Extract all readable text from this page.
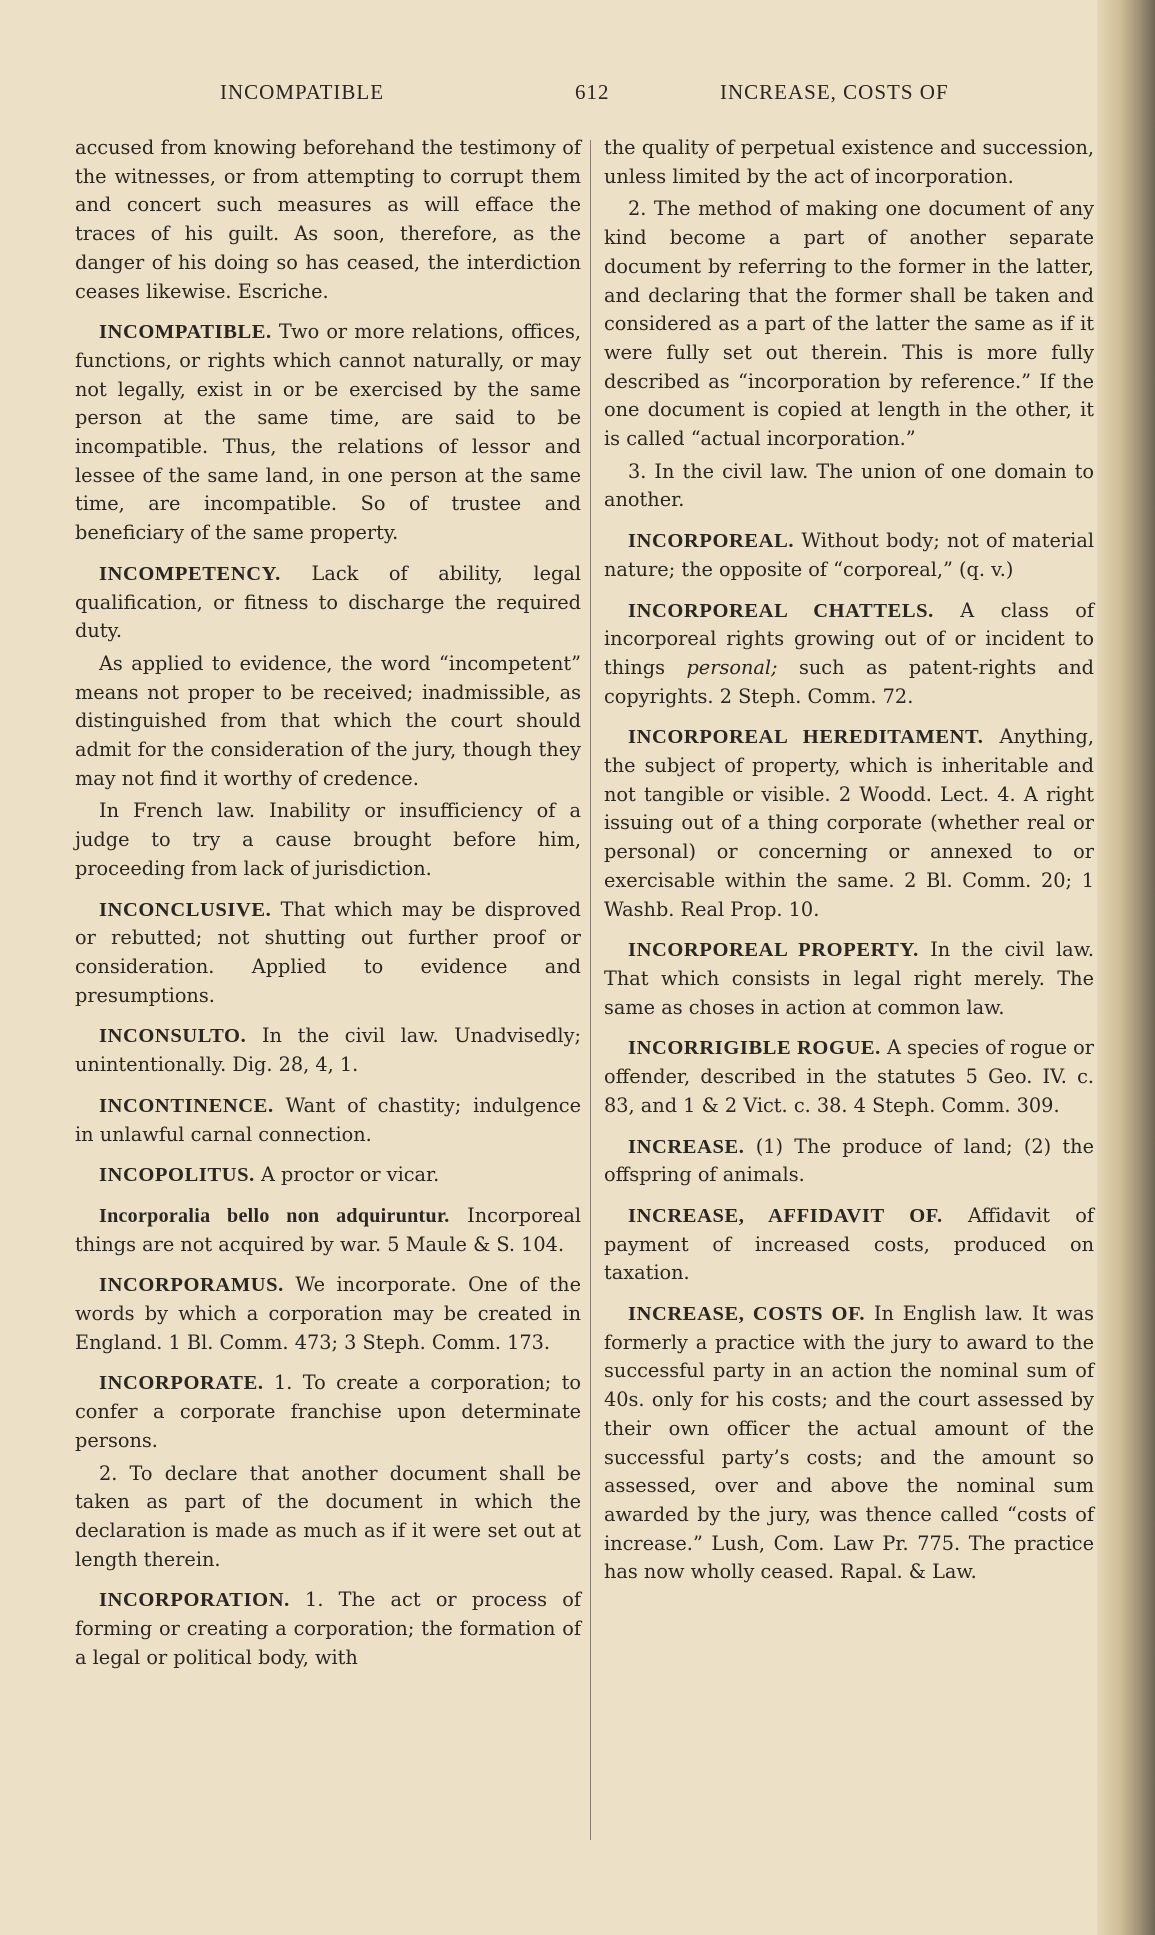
INCOMPATIBLE	612	INCREASE, COSTS OF

accused from knowing beforehand the testimony of the witnesses, or from attempting to corrupt them and concert such measures as will efface the traces of his guilt. As soon, therefore, as the danger of his doing so has ceased, the interdiction ceases likewise. Escriche.

INCOMPATIBLE. Two or more relations, offices, functions, or rights which cannot naturally, or may not legally, exist in or be exercised by the same person at the same time, are said to be incompatible. Thus, the relations of lessor and lessee of the same land, in one person at the same time, are incompatible. So of trustee and beneficiary of the same property.

INCOMPETENCY. Lack of ability, legal qualification, or fitness to discharge the required duty.

As applied to evidence, the word “incompetent” means not proper to be received; inadmissible, as distinguished from that which the court should admit for the consideration of the jury, though they may not find it worthy of credence.

In French law. Inability or insufficiency of a judge to try a cause brought before him, proceeding from lack of jurisdiction.

INCONCLUSIVE. That which may be disproved or rebutted; not shutting out further proof or consideration. Applied to evidence and presumptions.

INCONSULTO. In the civil law. Unadvisedly; unintentionally. Dig. 28, 4, 1.

INCONTINENCE. Want of chastity; indulgence in unlawful carnal connection.

INCOPOLITUS. A proctor or vicar.

Incorporalia bello non adquiruntur. Incorporeal things are not acquired by war. 5 Maule & S. 104.

INCORPORAMUS. We incorporate. One of the words by which a corporation may be created in England. 1 Bl. Comm. 473; 3 Steph. Comm. 173.

INCORPORATE. 1. To create a corporation; to confer a corporate franchise upon determinate persons.

2. To declare that another document shall be taken as part of the document in which the declaration is made as much as if it were set out at length therein.

INCORPORATION. 1. The act or process of forming or creating a corporation; the formation of a legal or political body, with

the quality of perpetual existence and succession, unless limited by the act of incorporation.

2. The method of making one document of any kind become a part of another separate document by referring to the former in the latter, and declaring that the former shall be taken and considered as a part of the latter the same as if it were fully set out therein. This is more fully described as “incorporation by reference.” If the one document is copied at length in the other, it is called “actual incorporation.”

3. In the civil law. The union of one domain to another.

INCORPOREAL. Without body; not of material nature; the opposite of “corporeal,” (q. v.)

INCORPOREAL CHATTELS. A class of incorporeal rights growing out of or incident to things personal; such as patent-rights and copyrights. 2 Steph. Comm. 72.

INCORPOREAL HEREDITAMENT. Anything, the subject of property, which is inheritable and not tangible or visible. 2 Woodd. Lect. 4. A right issuing out of a thing corporate (whether real or personal) or concerning or annexed to or exercisable within the same. 2 Bl. Comm. 20; 1 Washb. Real Prop. 10.

INCORPOREAL PROPERTY. In the civil law. That which consists in legal right merely. The same as choses in action at common law.

INCORRIGIBLE ROGUE. A species of rogue or offender, described in the statutes 5 Geo. IV. c. 83, and 1 & 2 Vict. c. 38. 4 Steph. Comm. 309.

INCREASE. (1) The produce of land; (2) the offspring of animals.

INCREASE, AFFIDAVIT OF. Affidavit of payment of increased costs, produced on taxation.

INCREASE, COSTS OF. In English law. It was formerly a practice with the jury to award to the successful party in an action the nominal sum of 40s. only for his costs; and the court assessed by their own officer the actual amount of the successful party’s costs; and the amount so assessed, over and above the nominal sum awarded by the jury, was thence called “costs of increase.” Lush, Com. Law Pr. 775. The practice has now wholly ceased. Rapal. & Law.
